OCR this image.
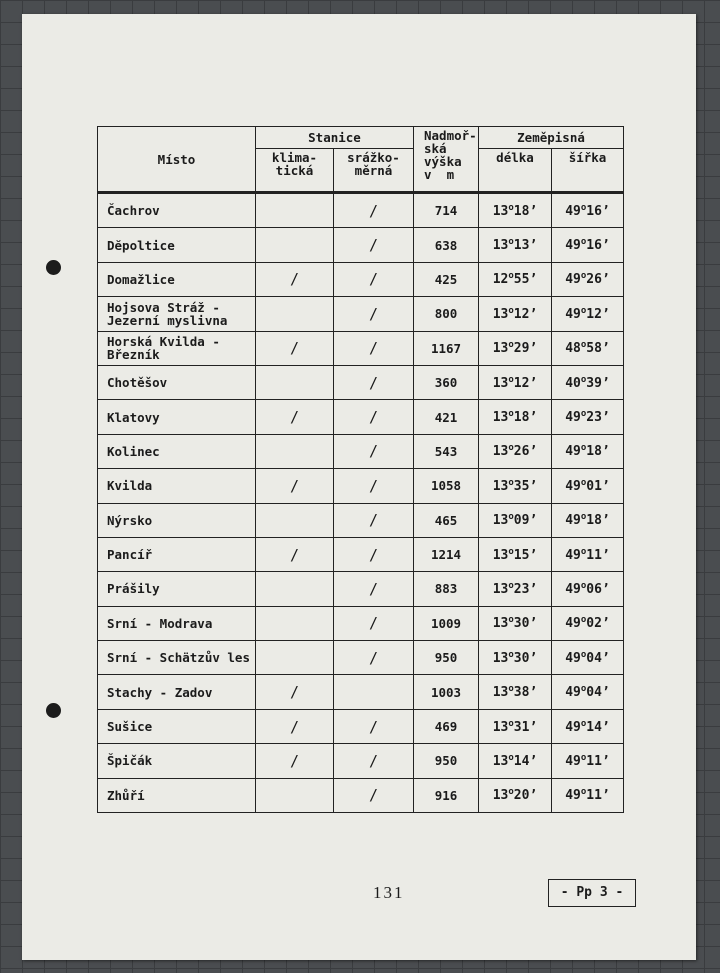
Místo	Stanice		Nadmoř-
ská
výška
v  m	Zeměpisná	
	klima-
tická	srážko-
měrná		délka	šířka
Čachrov		/	714	13$^o$18’	49$^o$16’
Dĕpoltice		/	638	13$^o$13’	49$^o$16’
Domažlice	/	/	425	12$^o$55’	49$^o$26’
Hojsova Stráž -
Jezerní myslivna		/	800	13$^o$12’	49$^o$12’
Horská Kvilda -
Březník	/	/	1167	13$^o$29’	48$^o$58’
Chotěšov		/	360	13$^o$12’	40$^o$39’
Klatovy	/	/	421	13$^o$18’	49$^o$23’
Kolinec		/	543	13$^o$26’	49$^o$18’
Kvilda	/	/	1058	13$^o$35’	49$^o$01’
Nýrsko		/	465	13$^o$09’	49$^o$18’
Pancíř	/	/	1214	13$^o$15’	49$^o$11’
Prášily		/	883	13$^o$23’	49$^o$06’
Srní - Modrava		/	1009	13$^o$30’	49$^o$02’
Srní - Schätzův les		/	950	13$^o$30’	49$^o$04’
Stachy - Zadov	/		1003	13$^o$38’	49$^o$04’
Sušice	/	/	469	13$^o$31’	49$^o$14’
Špičák	/	/	950	13$^o$14’	49$^o$11’
Zhůří		/	916	13$^o$20’	49$^o$11’
131	- Pp 3 -
